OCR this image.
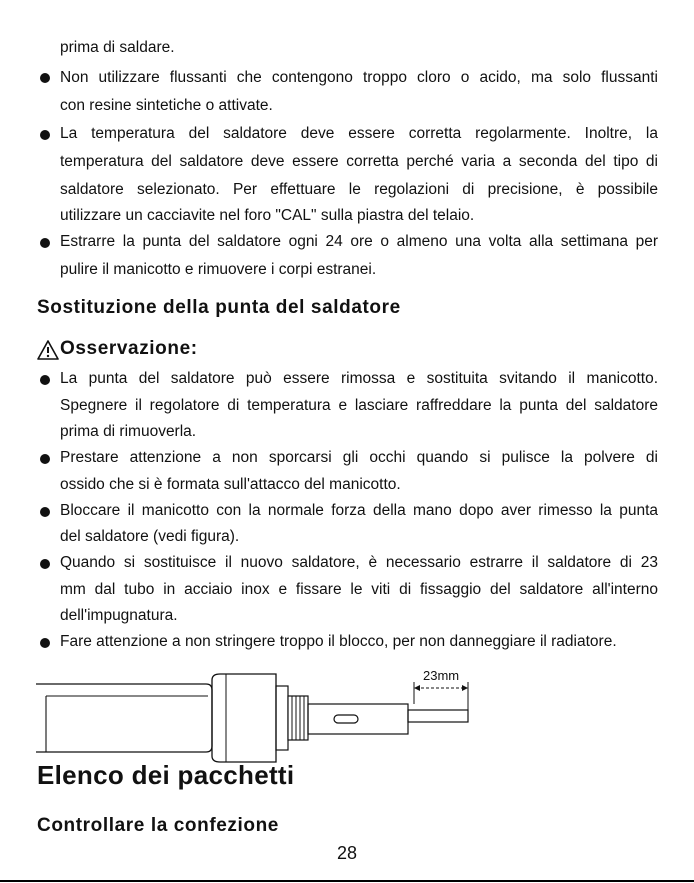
prima di saldare.
Non utilizzare flussanti che contengono troppo cloro o acido, ma solo flussanti
con resine sintetiche o attivate.
La temperatura del saldatore deve essere corretta regolarmente. Inoltre, la
temperatura del saldatore deve essere corretta perché varia a seconda del tipo di
saldatore selezionato. Per effettuare le regolazioni di precisione, è possibile
utilizzare un cacciavite nel foro "CAL" sulla piastra del telaio.
Estrarre la punta del saldatore ogni 24 ore o almeno una volta alla settimana per
pulire il manicotto e rimuovere i corpi estranei.
Sostituzione della punta del saldatore
Osservazione:
La punta del saldatore può essere rimossa e sostituita svitando il manicotto.
Spegnere il regolatore di temperatura e lasciare raffreddare la punta del saldatore
prima di rimuoverla.
Prestare attenzione a non sporcarsi gli occhi quando si pulisce la polvere di
ossido che si è formata sull'attacco del manicotto.
Bloccare il manicotto con la normale forza della mano dopo aver rimesso la punta
del saldatore (vedi figura).
Quando si sostituisce il nuovo saldatore, è necessario estrarre il saldatore di 23
mm dal tubo in acciaio inox e fissare le viti di fissaggio del saldatore all'interno
dell'impugnatura.
Fare attenzione a non stringere troppo il blocco, per non danneggiare il radiatore.
23mm
Elenco dei pacchetti
Controllare la confezione
28
